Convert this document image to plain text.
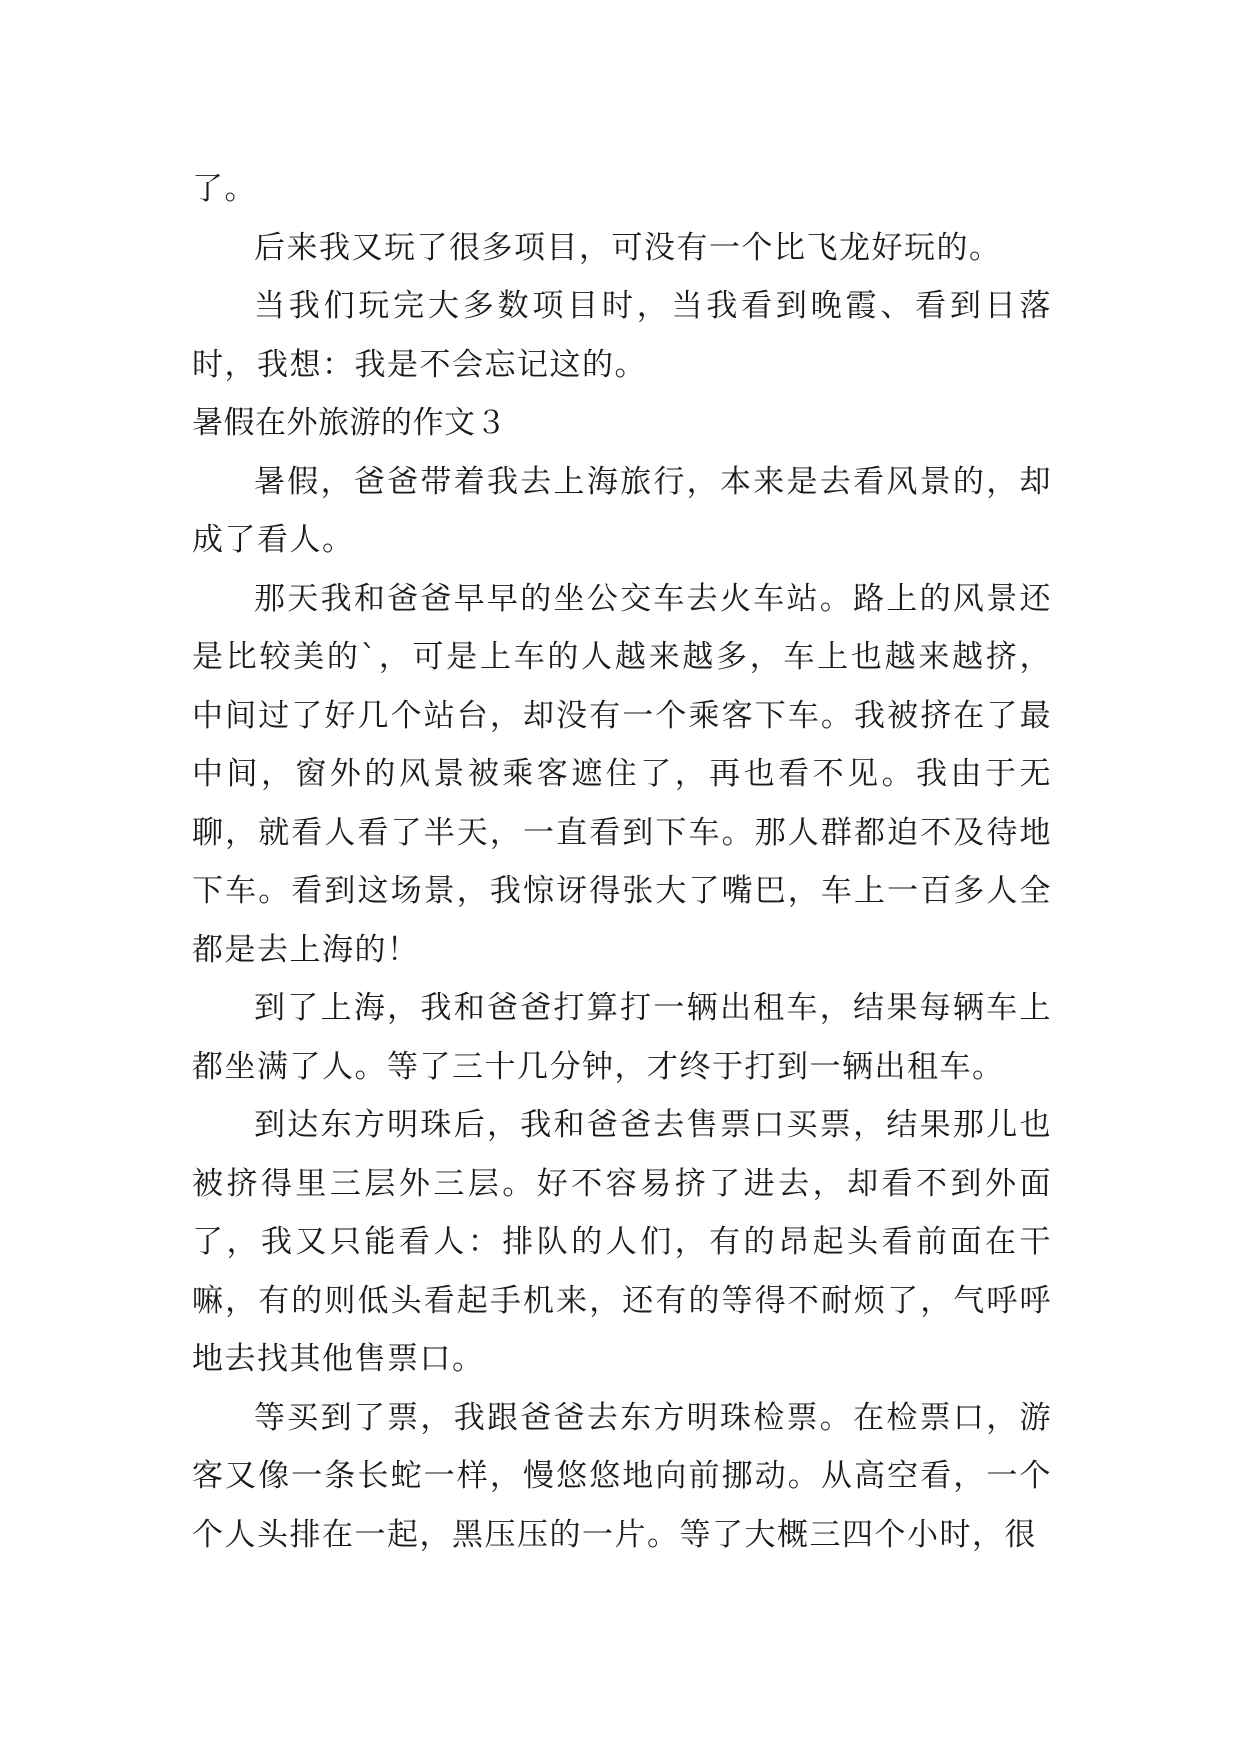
了。

后来我又玩了很多项目，可没有一个比飞龙好玩的。

当我们玩完大多数项目时，当我看到晚霞、看到日落时，我想：我是不会忘记这的。

暑假在外旅游的作文３

暑假，爸爸带着我去上海旅行，本来是去看风景的，却成了看人。

那天我和爸爸早早的坐公交车去火车站。路上的风景还是比较美的`，可是上车的人越来越多，车上也越来越挤，中间过了好几个站台，却没有一个乘客下车。我被挤在了最中间，窗外的风景被乘客遮住了，再也看不见。我由于无聊，就看人看了半天，一直看到下车。那人群都迫不及待地下车。看到这场景，我惊讶得张大了嘴巴，车上一百多人全都是去上海的！

到了上海，我和爸爸打算打一辆出租车，结果每辆车上都坐满了人。等了三十几分钟，才终于打到一辆出租车。

到达东方明珠后，我和爸爸去售票口买票，结果那儿也被挤得里三层外三层。好不容易挤了进去，却看不到外面了，我又只能看人：排队的人们，有的昂起头看前面在干嘛，有的则低头看起手机来，还有的等得不耐烦了，气呼呼地去找其他售票口。

等买到了票，我跟爸爸去东方明珠检票。在检票口，游客又像一条长蛇一样，慢悠悠地向前挪动。从高空看，一个个人头排在一起，黑压压的一片。等了大概三四个小时，很
